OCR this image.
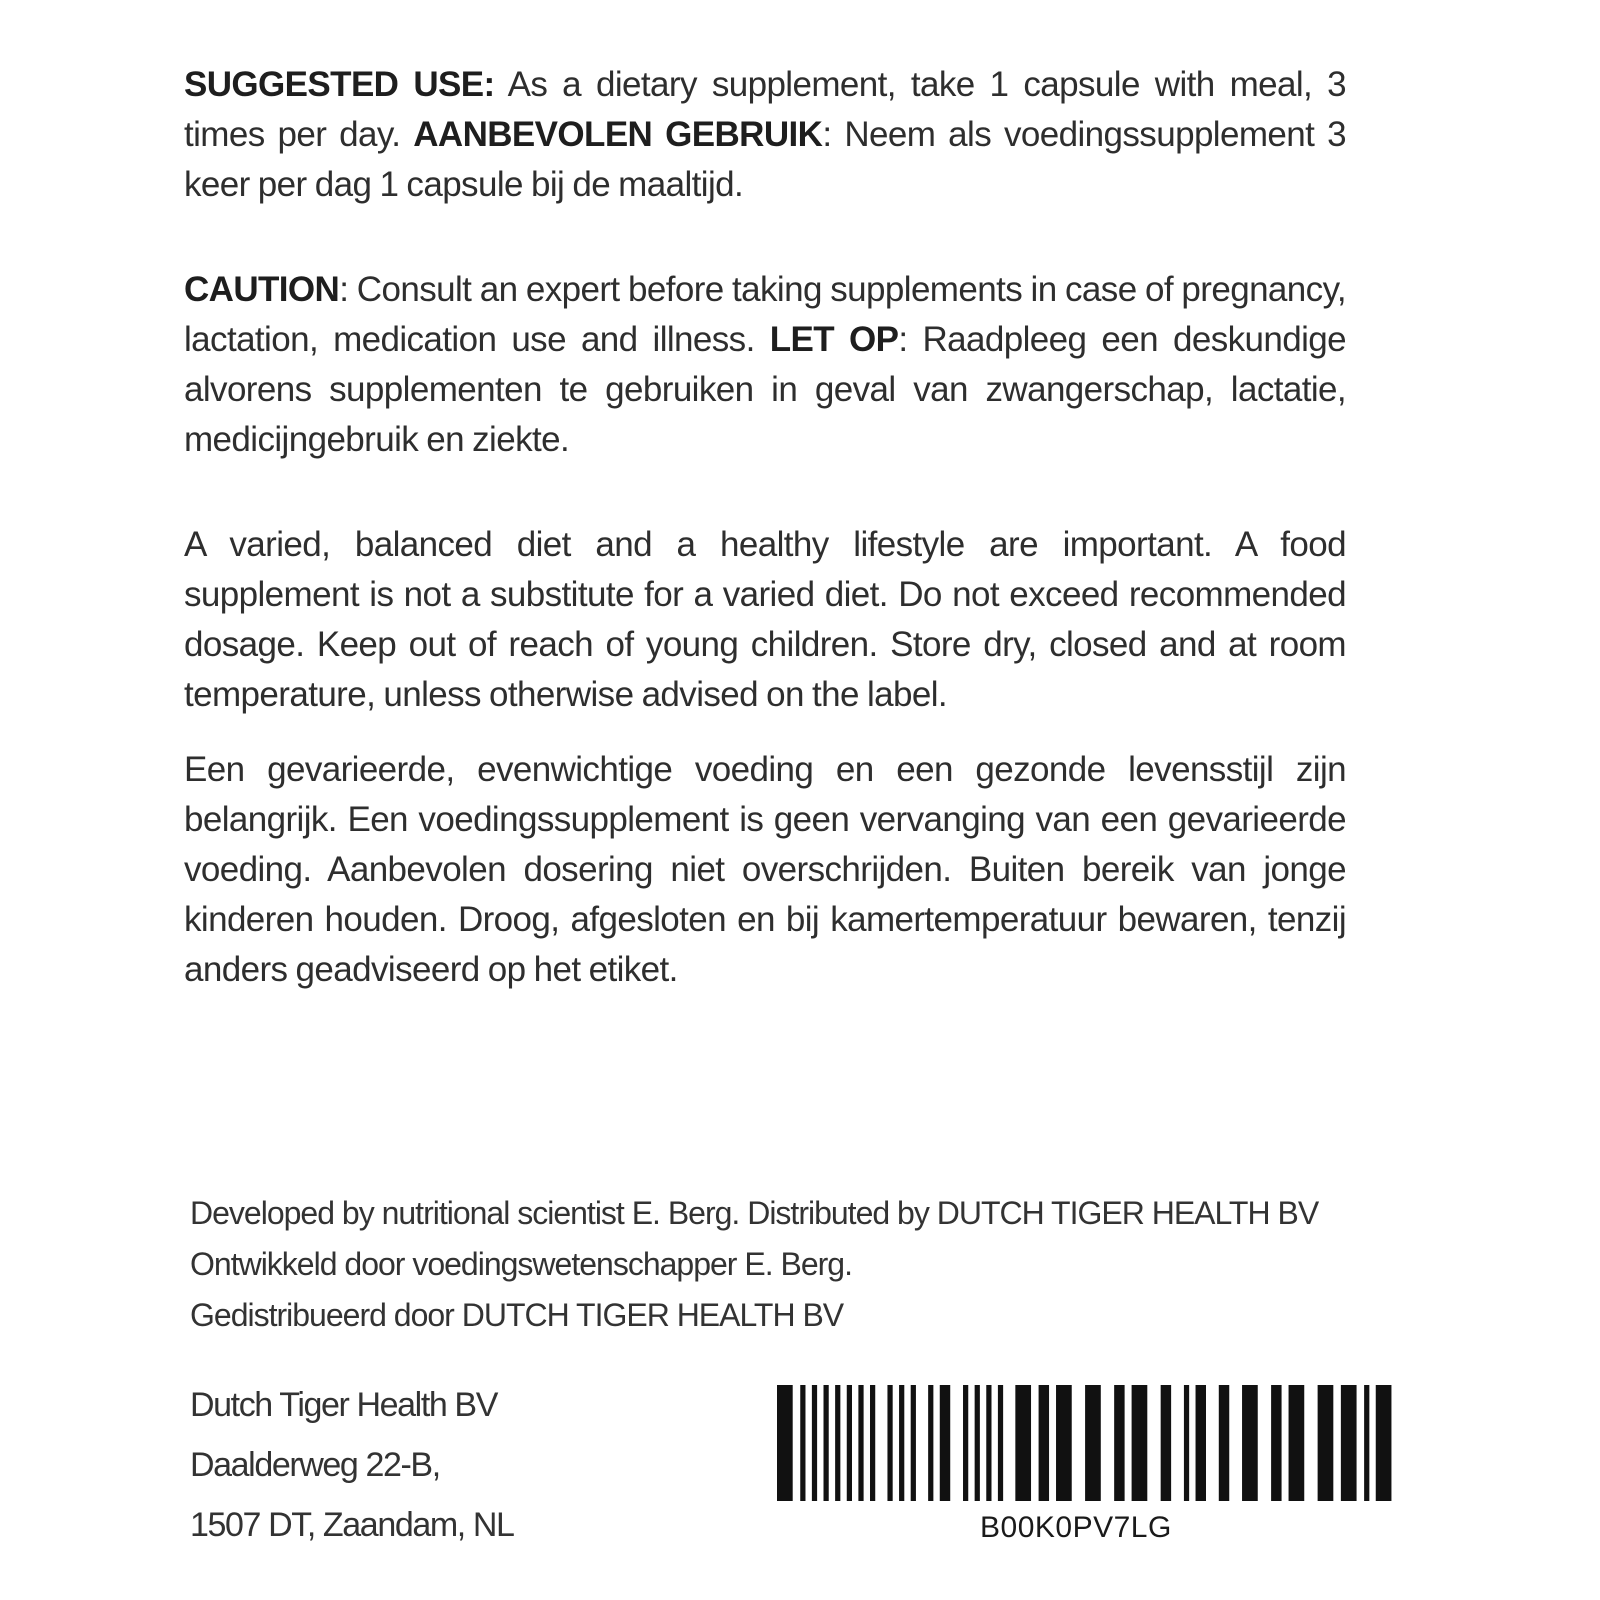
SUGGESTED USE: As a dietary supplement, take 1 capsule with meal, 3 times per day. AANBEVOLEN GEBRUIK: Neem als voedingssupplement 3 keer per dag 1 capsule bij de maaltijd.

CAUTION: Consult an expert before taking supplements in case of pregnancy, lactation, medication use and illness. LET OP: Raadpleeg een deskundige alvorens supplementen te gebruiken in geval van zwangerschap, lactatie, medicijngebruik en ziekte.

A varied, balanced diet and a healthy lifestyle are important. A food supplement is not a substitute for a varied diet. Do not exceed recommended dosage. Keep out of reach of young children. Store dry, closed and at room temperature, unless otherwise advised on the label.

Een gevarieerde, evenwichtige voeding en een gezonde levensstijl zijn belangrijk. Een voedingssupplement is geen vervanging van een gevarieerde voeding. Aanbevolen dosering niet overschrijden. Buiten bereik van jonge kinderen houden. Droog, afgesloten en bij kamertemperatuur bewaren, tenzij anders geadviseerd op het etiket.

Developed by nutritional scientist E. Berg. Distributed by DUTCH TIGER HEALTH BV
Ontwikkeld door voedingswetenschapper E. Berg.
Gedistribueerd door DUTCH TIGER HEALTH BV
Dutch Tiger Health BV
Daalderweg 22-B,
1507 DT, Zaandam, NL	B00K0PV7LG
